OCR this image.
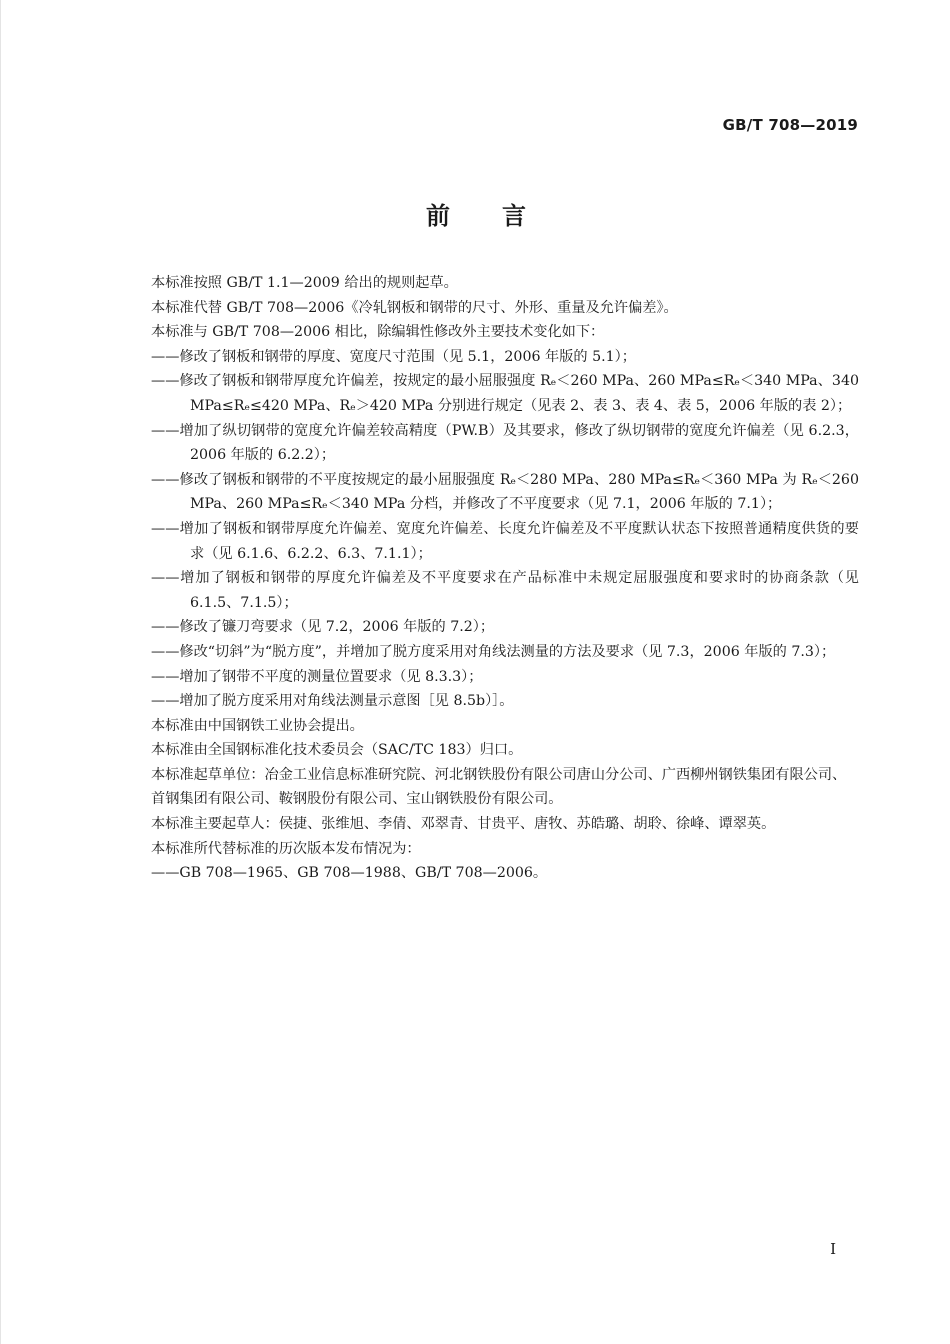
GB/T 708—2019
前言

本标准按照 GB/T 1.1—2009 给出的规则起草。

本标准代替 GB/T 708—2006《冷轧钢板和钢带的尺寸、外形、重量及允许偏差》。

本标准与 GB/T 708—2006 相比，除编辑性修改外主要技术变化如下：

——修改了钢板和钢带的厚度、宽度尺寸范围（见 5.1，2006 年版的 5.1）；

——修改了钢板和钢带厚度允许偏差，按规定的最小屈服强度 Rₑ＜260 MPa、260 MPa≤Rₑ＜340 MPa、340 MPa≤Rₑ≤420 MPa、Rₑ＞420 MPa 分别进行规定（见表 2、表 3、表 4、表 5，2006 年版的表 2）；

——增加了纵切钢带的宽度允许偏差较高精度（PW.B）及其要求，修改了纵切钢带的宽度允许偏差（见 6.2.3，2006 年版的 6.2.2）；

——修改了钢板和钢带的不平度按规定的最小屈服强度 Rₑ＜280 MPa、280 MPa≤Rₑ＜360 MPa 为 Rₑ＜260 MPa、260 MPa≤Rₑ＜340 MPa 分档，并修改了不平度要求（见 7.1，2006 年版的 7.1）；

——增加了钢板和钢带厚度允许偏差、宽度允许偏差、长度允许偏差及不平度默认状态下按照普通精度供货的要求（见 6.1.6、6.2.2、6.3、7.1.1）；

——增加了钢板和钢带的厚度允许偏差及不平度要求在产品标准中未规定屈服强度和要求时的协商条款（见 6.1.5、7.1.5）；

——修改了镰刀弯要求（见 7.2，2006 年版的 7.2）；

——修改“切斜”为“脱方度”，并增加了脱方度采用对角线法测量的方法及要求（见 7.3，2006 年版的 7.3）；

——增加了钢带不平度的测量位置要求（见 8.3.3）；

——增加了脱方度采用对角线法测量示意图［见 8.5b）］。

本标准由中国钢铁工业协会提出。

本标准由全国钢标准化技术委员会（SAC/TC 183）归口。

本标准起草单位：冶金工业信息标准研究院、河北钢铁股份有限公司唐山分公司、广西柳州钢铁集团有限公司、首钢集团有限公司、鞍钢股份有限公司、宝山钢铁股份有限公司。

本标准主要起草人：侯捷、张维旭、李倩、邓翠青、甘贵平、唐牧、苏皓璐、胡聆、徐峰、谭翠英。

本标准所代替标准的历次版本发布情况为：

——GB 708—1965、GB 708—1988、GB/T 708—2006。

I
